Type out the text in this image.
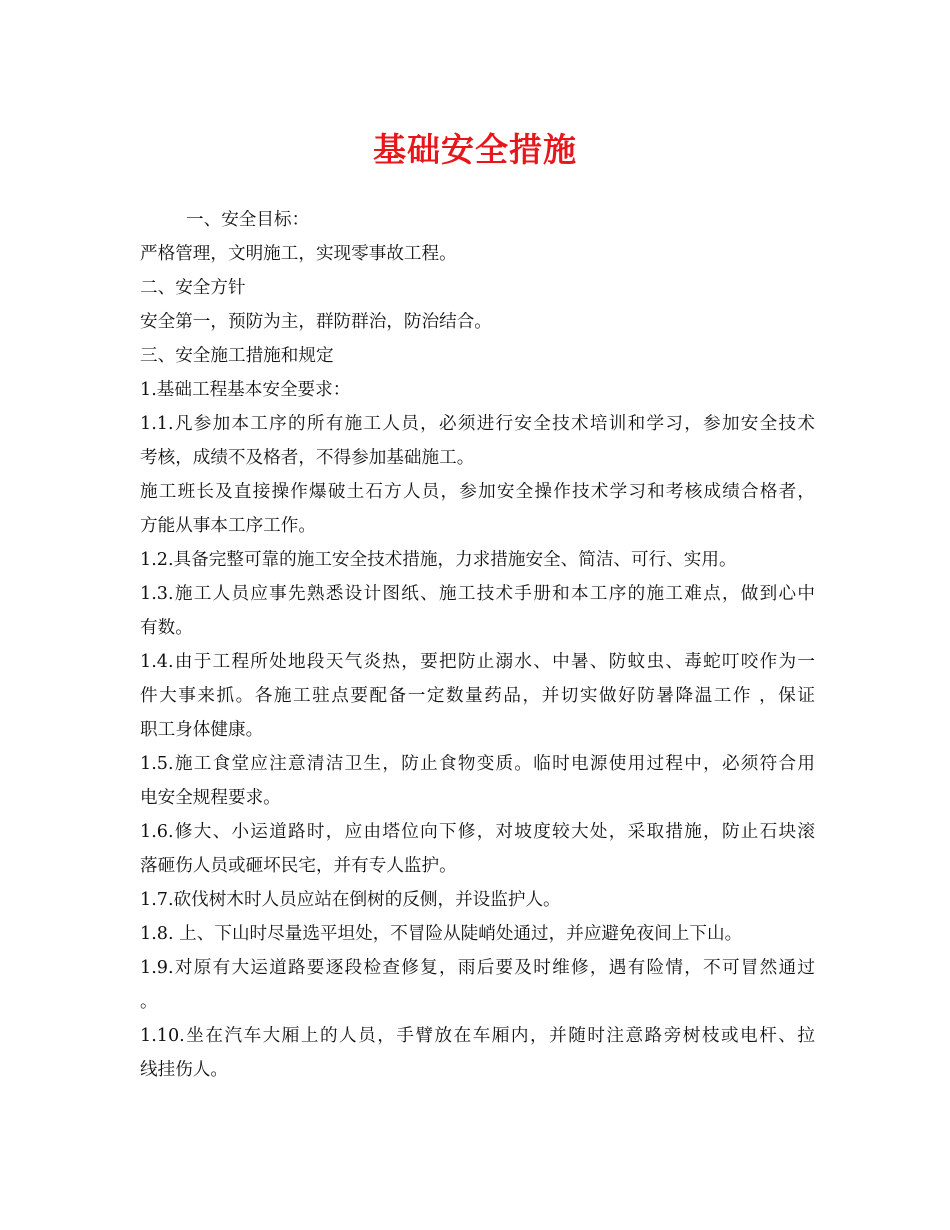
基础安全措施

一、安全目标：

严格管理，文明施工，实现零事故工程。

二、安全方针

安全第一，预防为主，群防群治，防治结合。

三、安全施工措施和规定

1.基础工程基本安全要求：

1.1.凡参加本工序的所有施工人员，必须进行安全技术培训和学习，参加安全技术

考核，成绩不及格者，不得参加基础施工。

施工班长及直接操作爆破土石方人员，参加安全操作技术学习和考核成绩合格者，

方能从事本工序工作。

1.2.具备完整可靠的施工安全技术措施，力求措施安全、简洁、可行、实用。

1.3.施工人员应事先熟悉设计图纸、施工技术手册和本工序的施工难点，做到心中

有数。

1.4.由于工程所处地段天气炎热，要把防止溺水、中暑、防蚊虫、毒蛇叮咬作为一

件大事来抓。各施工驻点要配备一定数量药品，并切实做好防暑降温工作 ，保证

职工身体健康。

1.5.施工食堂应注意清洁卫生，防止食物变质。临时电源使用过程中，必须符合用

电安全规程要求。

1.6.修大、小运道路时，应由塔位向下修，对坡度较大处，采取措施，防止石块滚

落砸伤人员或砸坏民宅，并有专人监护。

1.7.砍伐树木时人员应站在倒树的反侧，并设监护人。

1.8. 上、下山时尽量选平坦处，不冒险从陡峭处通过，并应避免夜间上下山。

1.9.对原有大运道路要逐段检查修复，雨后要及时维修，遇有险情，不可冒然通过

。

1.10.坐在汽车大厢上的人员，手臂放在车厢内，并随时注意路旁树枝或电杆、拉

线挂伤人。
